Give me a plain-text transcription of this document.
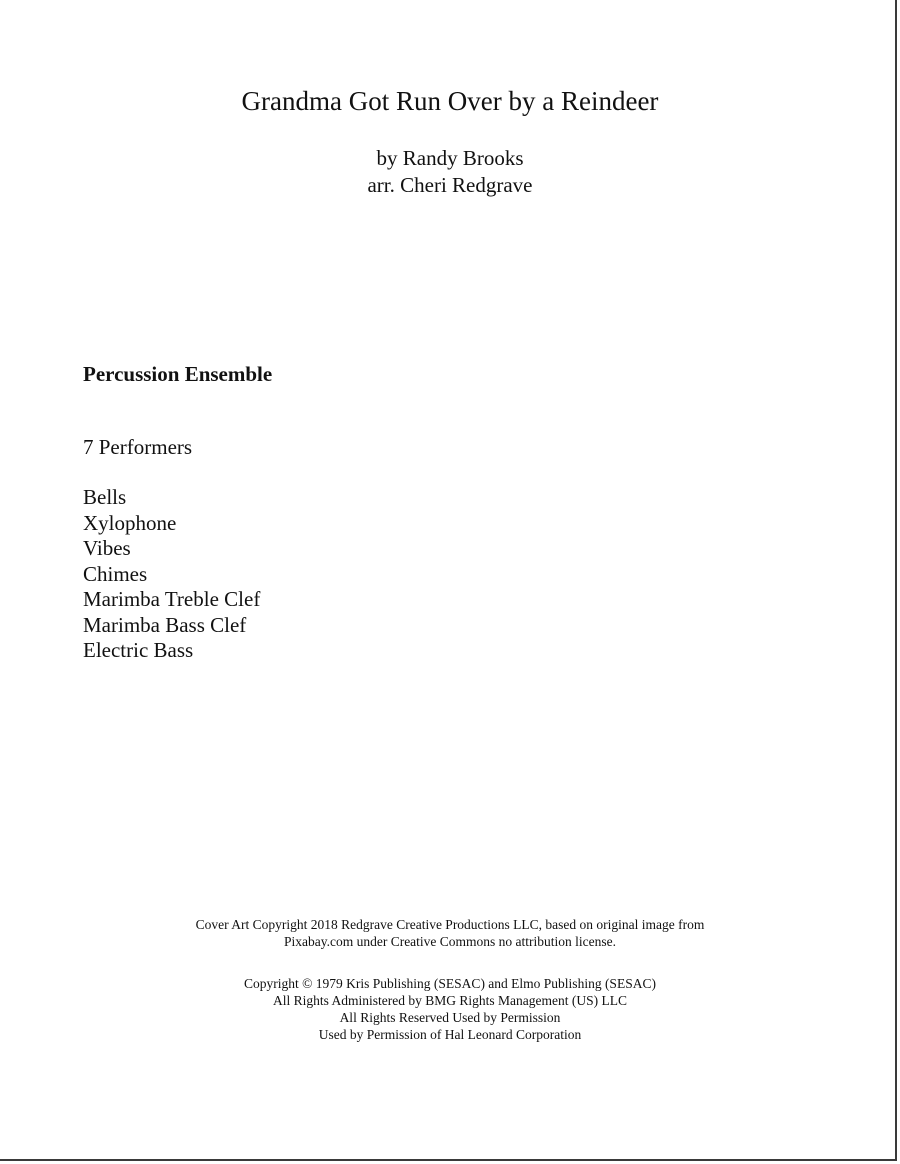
Grandma Got Run Over by a Reindeer
by Randy Brooks
arr. Cheri Redgrave
Percussion Ensemble
7 Performers
Bells
Xylophone
Vibes
Chimes
Marimba Treble Clef
Marimba Bass Clef
Electric Bass
Cover Art Copyright 2018 Redgrave Creative Productions LLC, based on original image from
Pixabay.com under Creative Commons no attribution license.
Copyright © 1979 Kris Publishing (SESAC) and Elmo Publishing (SESAC)
All Rights Administered by BMG Rights Management (US) LLC
All Rights Reserved Used by Permission
Used by Permission of Hal Leonard Corporation
